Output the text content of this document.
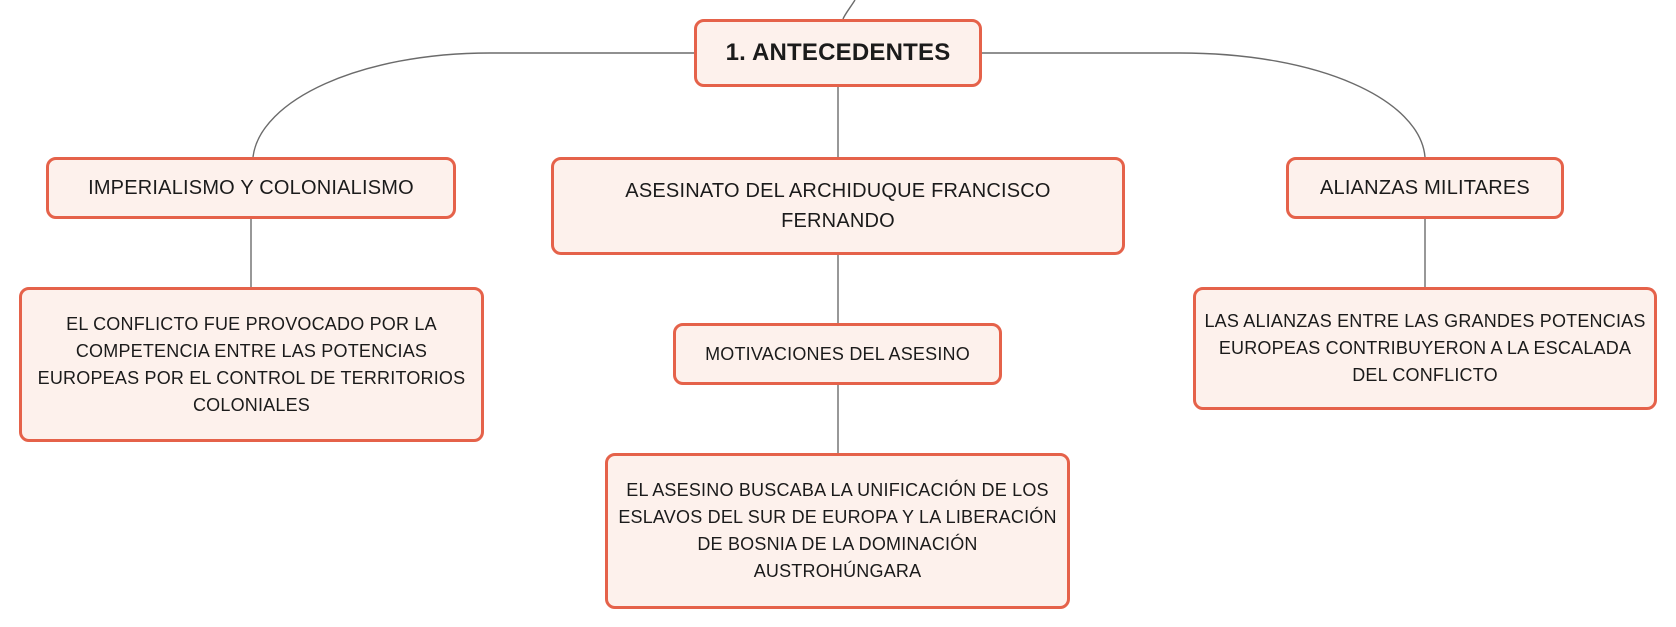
1. ANTECEDENTES
IMPERIALISMO Y COLONIALISMO	ASESINATO DEL ARCHIDUQUE FRANCISCO FERNANDO
ALIANZAS MILITARES
EL CONFLICTO FUE PROVOCADO POR LA COMPETENCIA ENTRE LAS POTENCIAS EUROPEAS POR EL CONTROL DE TERRITORIOS COLONIALES
MOTIVACIONES DEL ASESINO
EL ASESINO BUSCABA LA UNIFICACIÓN DE LOS ESLAVOS DEL SUR DE EUROPA Y LA LIBERACIÓN DE BOSNIA DE LA DOMINACIÓN AUSTROHÚNGARA
LAS ALIANZAS ENTRE LAS GRANDES POTENCIAS EUROPEAS CONTRIBUYERON A LA ESCALADA DEL CONFLICTO
